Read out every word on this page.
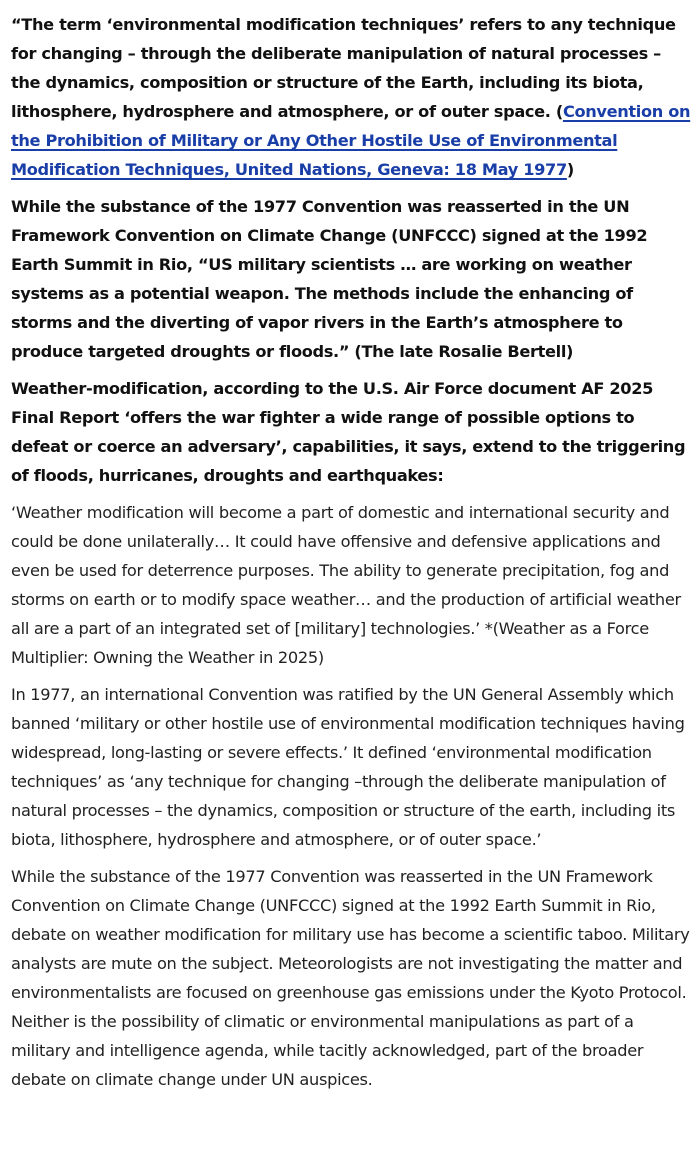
“The term ‘environmental modification techniques’ refers to any technique for changing – through the deliberate manipulation of natural processes – the dynamics, composition or structure of the Earth, including its biota, lithosphere, hydrosphere and atmosphere, or of outer space. (Convention on the Prohibition of Military or Any Other Hostile Use of Environmental Modification Techniques, United Nations, Geneva: 18 May 1977)

While the substance of the 1977 Convention was reasserted in the UN Framework Convention on Climate Change (UNFCCC) signed at the 1992 Earth Summit in Rio, “US military scientists … are working on weather systems as a potential weapon. The methods include the enhancing of storms and the diverting of vapor rivers in the Earth’s atmosphere to produce targeted droughts or floods.” (The late Rosalie Bertell)

Weather-modification, according to the U.S. Air Force document AF 2025 Final Report ‘offers the war fighter a wide range of possible options to defeat or coerce an adversary’, capabilities, it says, extend to the triggering of floods, hurricanes, droughts and earthquakes:

‘Weather modification will become a part of domestic and international security and could be done unilaterally… It could have offensive and defensive applications and even be used for deterrence purposes. The ability to generate precipitation, fog and storms on earth or to modify space weather… and the production of artificial weather all are a part of an integrated set of [military] technologies.’ *(Weather as a Force Multiplier: Owning the Weather in 2025)

In 1977, an international Convention was ratified by the UN General Assembly which banned ‘military or other hostile use of environmental modification techniques having widespread, long-lasting or severe effects.’ It defined ‘environmental modification techniques’ as ‘any technique for changing –through the deliberate manipulation of natural processes – the dynamics, composition or structure of the earth, including its biota, lithosphere, hydrosphere and atmosphere, or of outer space.’

While the substance of the 1977 Convention was reasserted in the UN Framework Convention on Climate Change (UNFCCC) signed at the 1992 Earth Summit in Rio, debate on weather modification for military use has become a scientific taboo. Military analysts are mute on the subject. Meteorologists are not investigating the matter and environmentalists are focused on greenhouse gas emissions under the Kyoto Protocol. Neither is the possibility of climatic or environmental manipulations as part of a military and intelligence agenda, while tacitly acknowledged, part of the broader debate on climate change under UN auspices.
